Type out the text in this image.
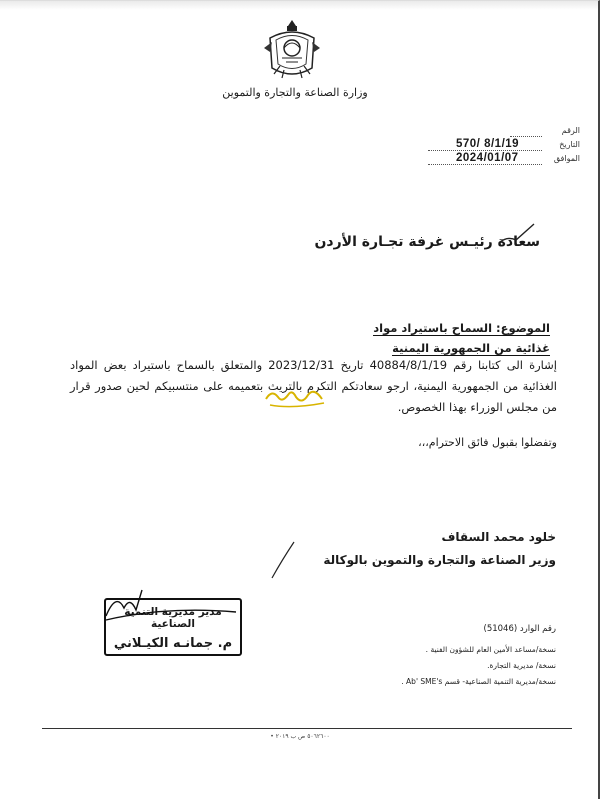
وزارة الصناعة والتجارة والتموين
الرقم
التاريخ
570/ 8/1/19
الموافق
2024/01/07
سعادة رئيـس غرفة تجـارة الأردن
الموضوع: السماح باستيراد مواد
غذائية من الجمهورية اليمنية
إشارة الى كتابنا رقم 40884/8/1/19 تاريخ 2023/12/31 والمتعلق بالسماح باستيراد بعض المواد الغذائية من الجمهورية اليمنية، ارجو سعادتكم التكرم بالتريث بتعميمه على منتسبيكم لحين صدور قرار من مجلس الوزراء بهذا الخصوص.
وتفضلوا بقبول فائق الاحترام،،،
خلود محمد السقاف
وزير الصناعة والتجارة والتموين بالوكالة
مدير مديرية التنمية الصناعية
م. جمانـه الكيـلاني
رقم الوارد (51046)
نسخة/مساعد الأمين العام للشؤون الفنية .
نسخة/ مديرية التجارة.
نسخة/مديرية التنمية الصناعية- قسم Ab' SME's .
• ٥٠٦٢٦٠٠ ص ب ٢٠١٩
